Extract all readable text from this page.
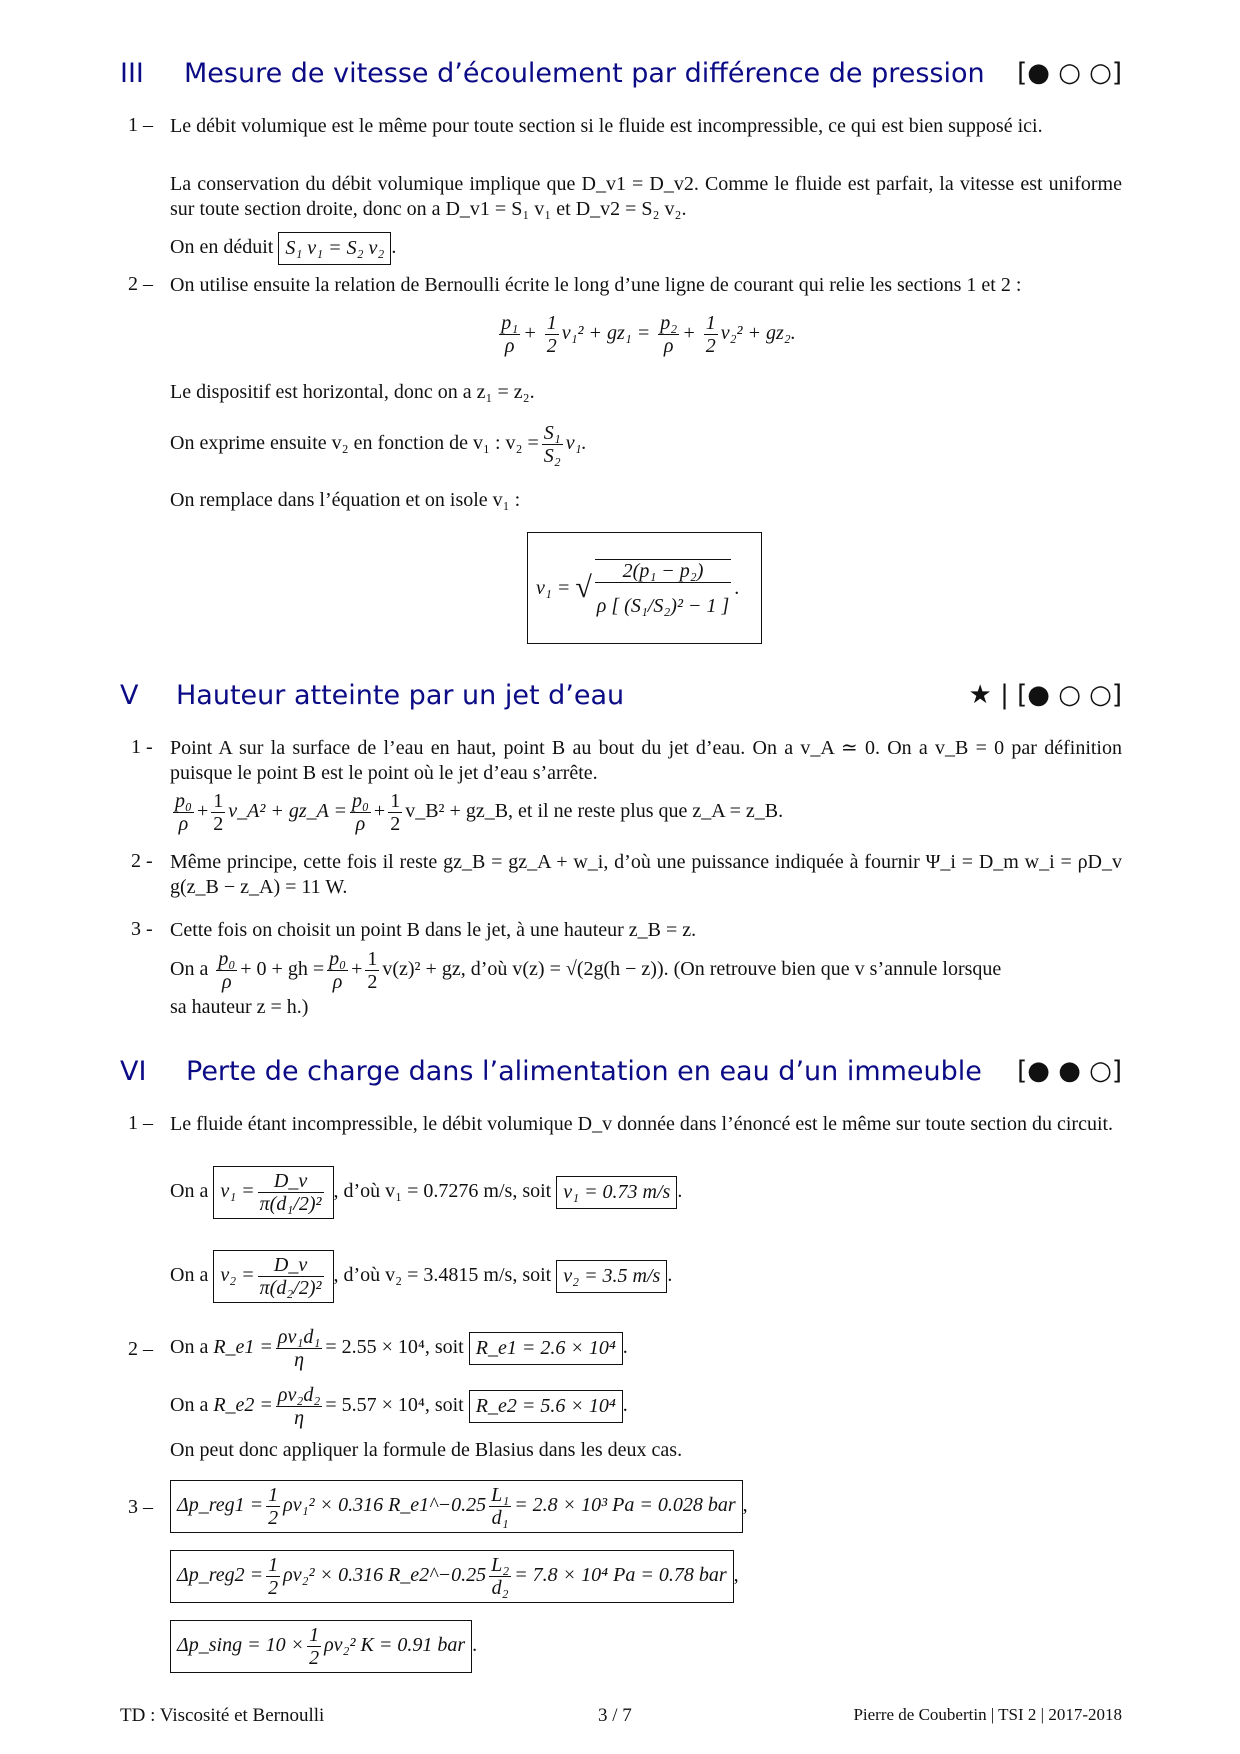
III Mesure de vitesse d’écoulement par différence de pression [● ○ ○]
1 – Le débit volumique est le même pour toute section si le fluide est incompressible, ce qui est bien supposé ici.
La conservation du débit volumique implique que D_v1 = D_v2. Comme le fluide est parfait, la vitesse est uniforme sur toute section droite, donc on a D_v1 = S₁ v₁ et D_v2 = S₂ v₂.
On en déduit S₁ v₁ = S₂ v₂ .
2 – On utilise ensuite la relation de Bernoulli écrite le long d’une ligne de courant qui relie les sections 1 et 2 :
$\frac{\text{p₁}}{\rho} + \frac{1}{2} v_1^2 + gz_1 = \frac{\text{p₂}}{\rho} + \frac{1}{2} v_2^2 + gz_2$.
Le dispositif est horizontal, donc on a z₁ = z₂.
On exprime ensuite v₂ en fonction de v₁ : $v_2 = \frac{\text{S₁}}{\text{S₂}} v_1$.
On remplace dans l’équation et on isole v₁ :
v₁ =
√ $\frac{\text{2(p₁ − p₂)}}{\text{ρ [ (S₁/S₂)² − 1 ]}}$ .
V Hauteur atteinte par un jet d’eau	★ | [● ○ ○]
1 - Point A sur la surface de l’eau en haut, point B au bout du jet d’eau. On a v_A ≃ 0. On a v_B = 0 par définition puisque le point B est le point où le jet d’eau s’arrête.
$\frac{\text{p₀}}{\rho} + \frac{1}{2}$ v_A² + gz_A = $\frac{\text{p₀}}{\rho} + \frac{1}{2}$ v_B² + gz_B, et il ne reste plus que z_A = z_B.
2 - Même principe, cette fois il reste gz_B = gz_A + w_i, d’où une puissance indiquée à fournir Ψ_i = D_m w_i = ρD_v g(z_B − z_A) = 11 W.
3 - Cette fois on choisit un point B dans le jet, à une hauteur z_B = z.
On a $\frac{\text{p₀}}{\rho} + 0$ + gh = $\frac{\text{p₀}}{\rho} + \frac{1}{2} v(z)^2$ + gz, d’où v(z) = √(2g(h − z)). (On retrouve bien que v s’annule lorsque
sa hauteur z = h.)
VI Perte de charge dans l’alimentation en eau d’un immeuble [● ● ○]
1 – Le fluide étant incompressible, le débit volumique D_v donnée dans l’énoncé est le même sur toute section du circuit.
On a $v_1 = \frac{D\_v}{\text{π(d₁/2)²}}$ , d’où v₁ = 0.7276 m/s, soit v₁ = 0.73 m/s .
On a $v_2 = \frac{D\_v}{\text{π(d₂/2)²}}$ , d’où v₂ = 3.4815 m/s, soit v₂ = 3.5 m/s .
2 – On a R_e1 = $\frac{\text{ρv₁d₁}}{\eta} = 2.55 \times 10^4$, soit R_e1 = 2.6 × 10⁴ .
On a R_e2 = $\frac{\text{ρv₂d₂}}{\eta} = 5.57 \times 10^4$, soit R_e2 = 5.6 × 10⁴ .
On peut donc appliquer la formule de Blasius dans les deux cas.
3 –	Δp_reg1 = $\frac{1}{2} \rho v_1^2 \times 0.316$ R_e1^−0.25 $\frac{\text{L₁}}{\text{d₁}} = 2.8 \times 10^3$ Pa = 0.028 bar ,
Δp_reg2 = $\frac{1}{2} \rho v_2^2 \times 0.316$ R_e2^−0.25 $\frac{\text{L₂}}{\text{d₂}} = 7.8 \times 10^4$ Pa = 0.78 bar ,
Δp_sing = $10 \times \frac{1}{2} \rho v_2^2$ K = 0.91 bar .
TD : Viscosité et Bernoulli	3 / 7	Pierre de Coubertin | TSI 2 | 2017-2018
